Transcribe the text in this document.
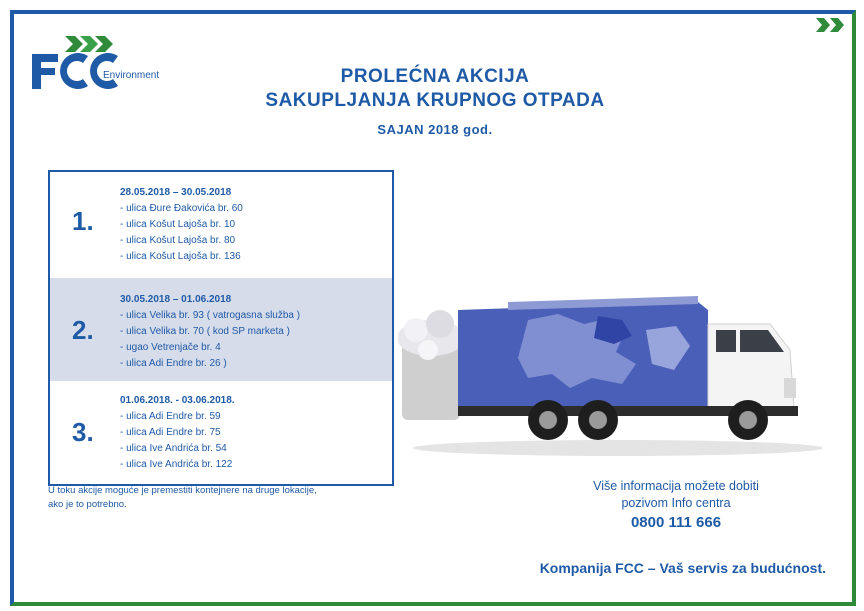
Environment	PROLEĆNA AKCIJA
SAKUPLJANJA KRUPNOG OTPADA
SAJAN 2018 god.
1.
28.05.2018 – 30.05.2018
- ulica Đure Đakovića br. 60
- ulica Košut Lajoša br. 10
- ulica Košut Lajoša br. 80
- ulica Košut Lajoša br. 136
2.
30.05.2018 – 01.06.2018
- ulica Velika br. 93 ( vatrogasna služba )
- ulica Velika br. 70 ( kod SP marketa )
- ugao Vetrenjače br. 4
- ulica Adi Endre br. 26 )
3.
01.06.2018. - 03.06.2018.
- ulica Adi Endre br. 59
- ulica Adi Endre br. 75
- ulica Ive Andrića br. 54
- ulica Ive Andrića br. 122
U toku akcije moguće je premestiti kontejnere na druge lokacije,
ako je to potrebno.
Više informacija možete dobiti
pozivom Info centra
0800 111 666
Kompanija FCC – Vaš servis za budućnost.
